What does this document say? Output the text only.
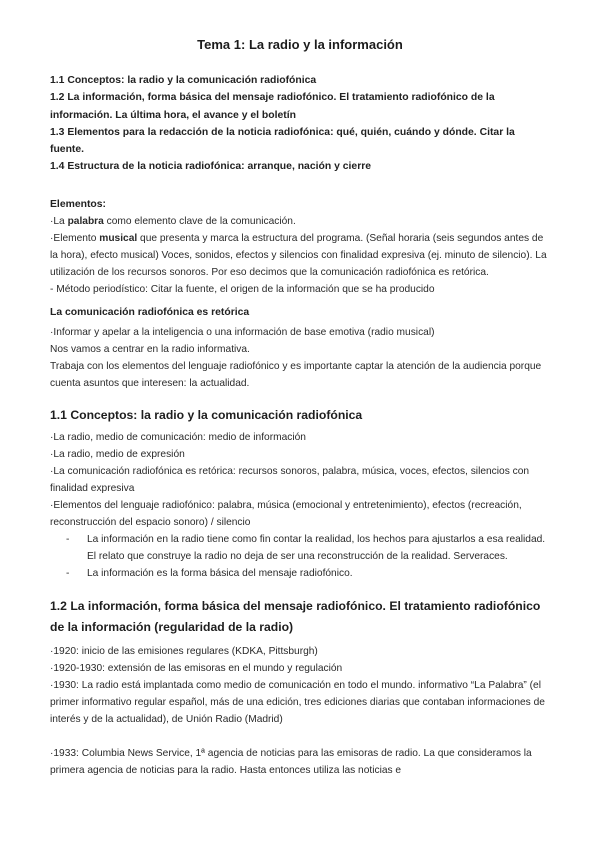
Tema 1: La radio y la información

1.1 Conceptos: la radio y la comunicación radiofónica

1.2 La información, forma básica del mensaje radiofónico. El tratamiento radiofónico de la información. La última hora, el avance y el boletín

1.3 Elementos para la redacción de la noticia radiofónica: qué, quién, cuándo y dónde. Citar la fuente.

1.4 Estructura de la noticia radiofónica: arranque, nación y cierre

Elementos:

·La palabra como elemento clave de la comunicación.

·Elemento musical que presenta y marca la estructura del programa. (Señal horaria (seis segundos antes de la hora), efecto musical) Voces, sonidos, efectos y silencios con finalidad expresiva (ej. minuto de silencio). La utilización de los recursos sonoros. Por eso decimos que la comunicación radiofónica es retórica.

- Método periodístico: Citar la fuente, el origen de la información que se ha producido

La comunicación radiofónica es retórica

·Informar y apelar a la inteligencia o una información de base emotiva (radio musical)

Nos vamos a centrar en la radio informativa.

Trabaja con los elementos del lenguaje radiofónico y es importante captar la atención de la audiencia porque cuenta asuntos que interesen: la actualidad.

1.1 Conceptos: la radio y la comunicación radiofónica

·La radio, medio de comunicación: medio de información

·La radio, medio de expresión

·La comunicación radiofónica es retórica: recursos sonoros, palabra, música, voces, efectos, silencios con finalidad expresiva

·Elementos del lenguaje radiofónico: palabra, música (emocional y entretenimiento), efectos (recreación, reconstrucción del espacio sonoro) / silencio

- La información en la radio tiene como fin contar la realidad, los hechos para ajustarlos a esa realidad. El relato que construye la radio no deja de ser una reconstrucción de la realidad. Serveraces.
- La información es la forma básica del mensaje radiofónico.
1.2 La información, forma básica del mensaje radiofónico. El tratamiento radiofónico de la información (regularidad de la radio)

·1920: inicio de las emisiones regulares (KDKA, Pittsburgh)

·1920-1930: extensión de las emisoras en el mundo y regulación

·1930: La radio está implantada como medio de comunicación en todo el mundo. informativo “La Palabra” (el primer informativo regular español, más de una edición, tres ediciones diarias que contaban informaciones de interés y de la actualidad), de Unión Radio (Madrid)

·1933: Columbia News Service, 1ª agencia de noticias para las emisoras de radio. La que consideramos la primera agencia de noticias para la radio. Hasta entonces utiliza las noticias e
